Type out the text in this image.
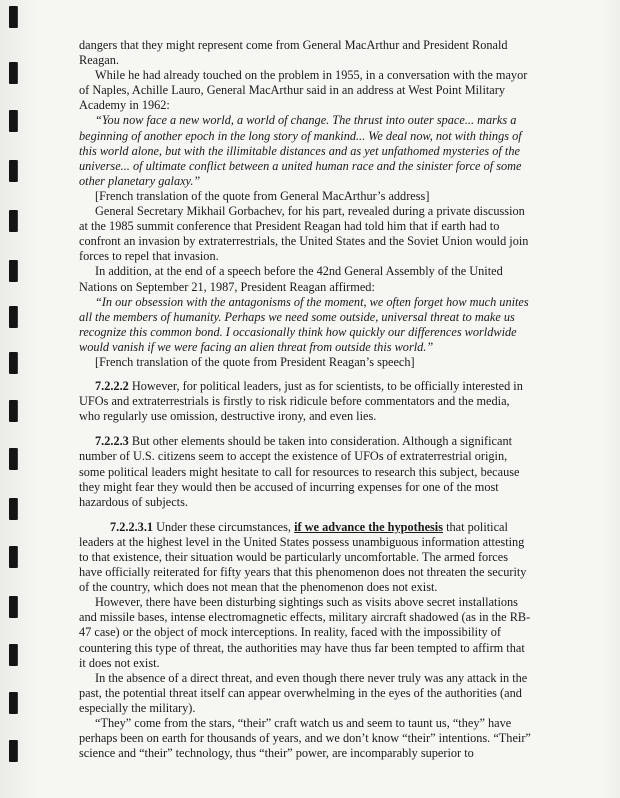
dangers that they might represent come from General MacArthur and President Ronald Reagan.

While he had already touched on the problem in 1955, in a conversation with the mayor of Naples, Achille Lauro, General MacArthur said in an address at West Point Military Academy in 1962:

“You now face a new world, a world of change. The thrust into outer space... marks a beginning of another epoch in the long story of mankind... We deal now, not with things of this world alone, but with the illimitable distances and as yet unfathomed mysteries of the universe... of ultimate conflict between a united human race and the sinister force of some other planetary galaxy.”

[French translation of the quote from General MacArthur’s address]

General Secretary Mikhail Gorbachev, for his part, revealed during a private discussion at the 1985 summit conference that President Reagan had told him that if earth had to confront an invasion by extraterrestrials, the United States and the Soviet Union would join forces to repel that invasion.

In addition, at the end of a speech before the 42nd General Assembly of the United Nations on September 21, 1987, President Reagan affirmed:

“In our obsession with the antagonisms of the moment, we often forget how much unites all the members of humanity. Perhaps we need some outside, universal threat to make us recognize this common bond. I occasionally think how quickly our differences worldwide would vanish if we were facing an alien threat from outside this world.”

[French translation of the quote from President Reagan’s speech]

7.2.2.2 However, for political leaders, just as for scientists, to be officially interested in UFOs and extraterrestrials is firstly to risk ridicule before commentators and the media, who regularly use omission, destructive irony, and even lies.

7.2.2.3 But other elements should be taken into consideration. Although a significant number of U.S. citizens seem to accept the existence of UFOs of extraterrestrial origin, some political leaders might hesitate to call for resources to research this subject, because they might fear they would then be accused of incurring expenses for one of the most hazardous of subjects.

7.2.2.3.1 Under these circumstances, if we advance the hypothesis that political leaders at the highest level in the United States possess unambiguous information attesting to that existence, their situation would be particularly uncomfortable. The armed forces have officially reiterated for fifty years that this phenomenon does not threaten the security of the country, which does not mean that the phenomenon does not exist.

However, there have been disturbing sightings such as visits above secret installations and missile bases, intense electromagnetic effects, military aircraft shadowed (as in the RB-47 case) or the object of mock interceptions. In reality, faced with the impossibility of countering this type of threat, the authorities may have thus far been tempted to affirm that it does not exist.

In the absence of a direct threat, and even though there never truly was any attack in the past, the potential threat itself can appear overwhelming in the eyes of the authorities (and especially the military).

“They” come from the stars, “their” craft watch us and seem to taunt us, “they” have perhaps been on earth for thousands of years, and we don’t know “their” intentions. “Their” science and “their” technology, thus “their” power, are incomparably superior to
